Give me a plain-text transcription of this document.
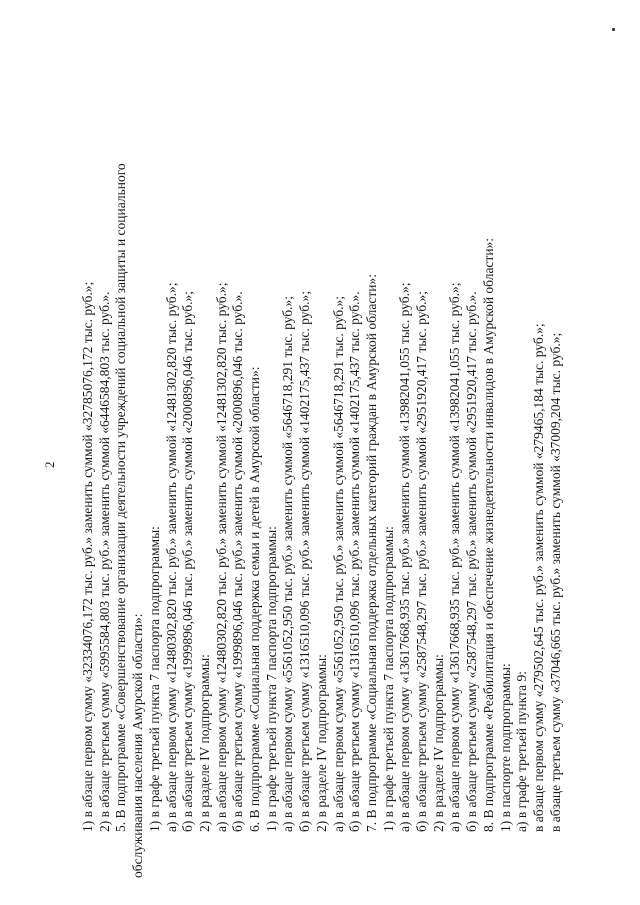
2 1) в абзаце первом сумму «32334076,172 тыс. руб.» заменить суммой «32785076,172 тыс. руб.»; 2) в абзаце третьем сумму «5995584,803 тыс. руб.» заменить суммой «6446584,803 тыс. руб.». 5. В подпрограмме «Совершенствование организации деятельности учреждений социальной защиты и социального обслуживания населения Амурской области»: 1) в графе третьей пункта 7 паспорта подпрограммы: а) в абзаце первом сумму «12480302,820 тыс. руб.» заменить суммой «12481302,820 тыс. руб.»; б) в абзаце третьем сумму «1999896,046 тыс. руб.» заменить суммой «2000896,046 тыс. руб.»; 2) в разделе IV подпрограммы: а) в абзаце первом сумму «12480302,820 тыс. руб.» заменить суммой «12481302,820 тыс. руб.»; б) в абзаце третьем сумму «1999896,046 тыс. руб.» заменить суммой «2000896,046 тыс. руб.». 6. В подпрограмме «Социальная поддержка семьи и детей в Амурской области»: 1) в графе третьей пункта 7 паспорта подпрограммы: а) в абзаце первом сумму «5561052,950 тыс. руб.» заменить суммой «5646718,291 тыс. руб.»; б) в абзаце третьем сумму «1316510,096 тыс. руб.» заменить суммой «1402175,437 тыс. руб.»; 2) в разделе IV подпрограммы: а) в абзаце первом сумму «5561052,950 тыс. руб.» заменить суммой «5646718,291 тыс. руб.»; б) в абзаце третьем сумму «1316510,096 тыс. руб.» заменить суммой «1402175,437 тыс. руб.». 7. В подпрограмме «Социальная поддержка отдельных категорий граждан в Амурской области»: 1) в графе третьей пункта 7 паспорта подпрограммы: а) в абзаце первом сумму «13617668,935 тыс. руб.» заменить суммой «13982041,055 тыс. руб.»; б) в абзаце третьем сумму «2587548,297 тыс. руб.» заменить суммой «2951920,417 тыс. руб.»; 2) в разделе IV подпрограммы: а) в абзаце первом сумму «13617668,935 тыс. руб.» заменить суммой «13982041,055 тыс. руб.»; б) в абзаце третьем сумму «2587548,297 тыс. руб.» заменить суммой «2951920,417 тыс. руб.». 8. В подпрограмме «Реабилитация и обеспечение жизнедеятельности инвалидов в Амурской области»: 1) в паспорте подпрограммы: а) в графе третьей пункта 9: в абзаце первом сумму «279502,645 тыс. руб.» заменить суммой «279465,184 тыс. руб.»; в абзаце третьем сумму «37046,665 тыс. руб.» заменить суммой «37009,204 тыс. руб.»;
